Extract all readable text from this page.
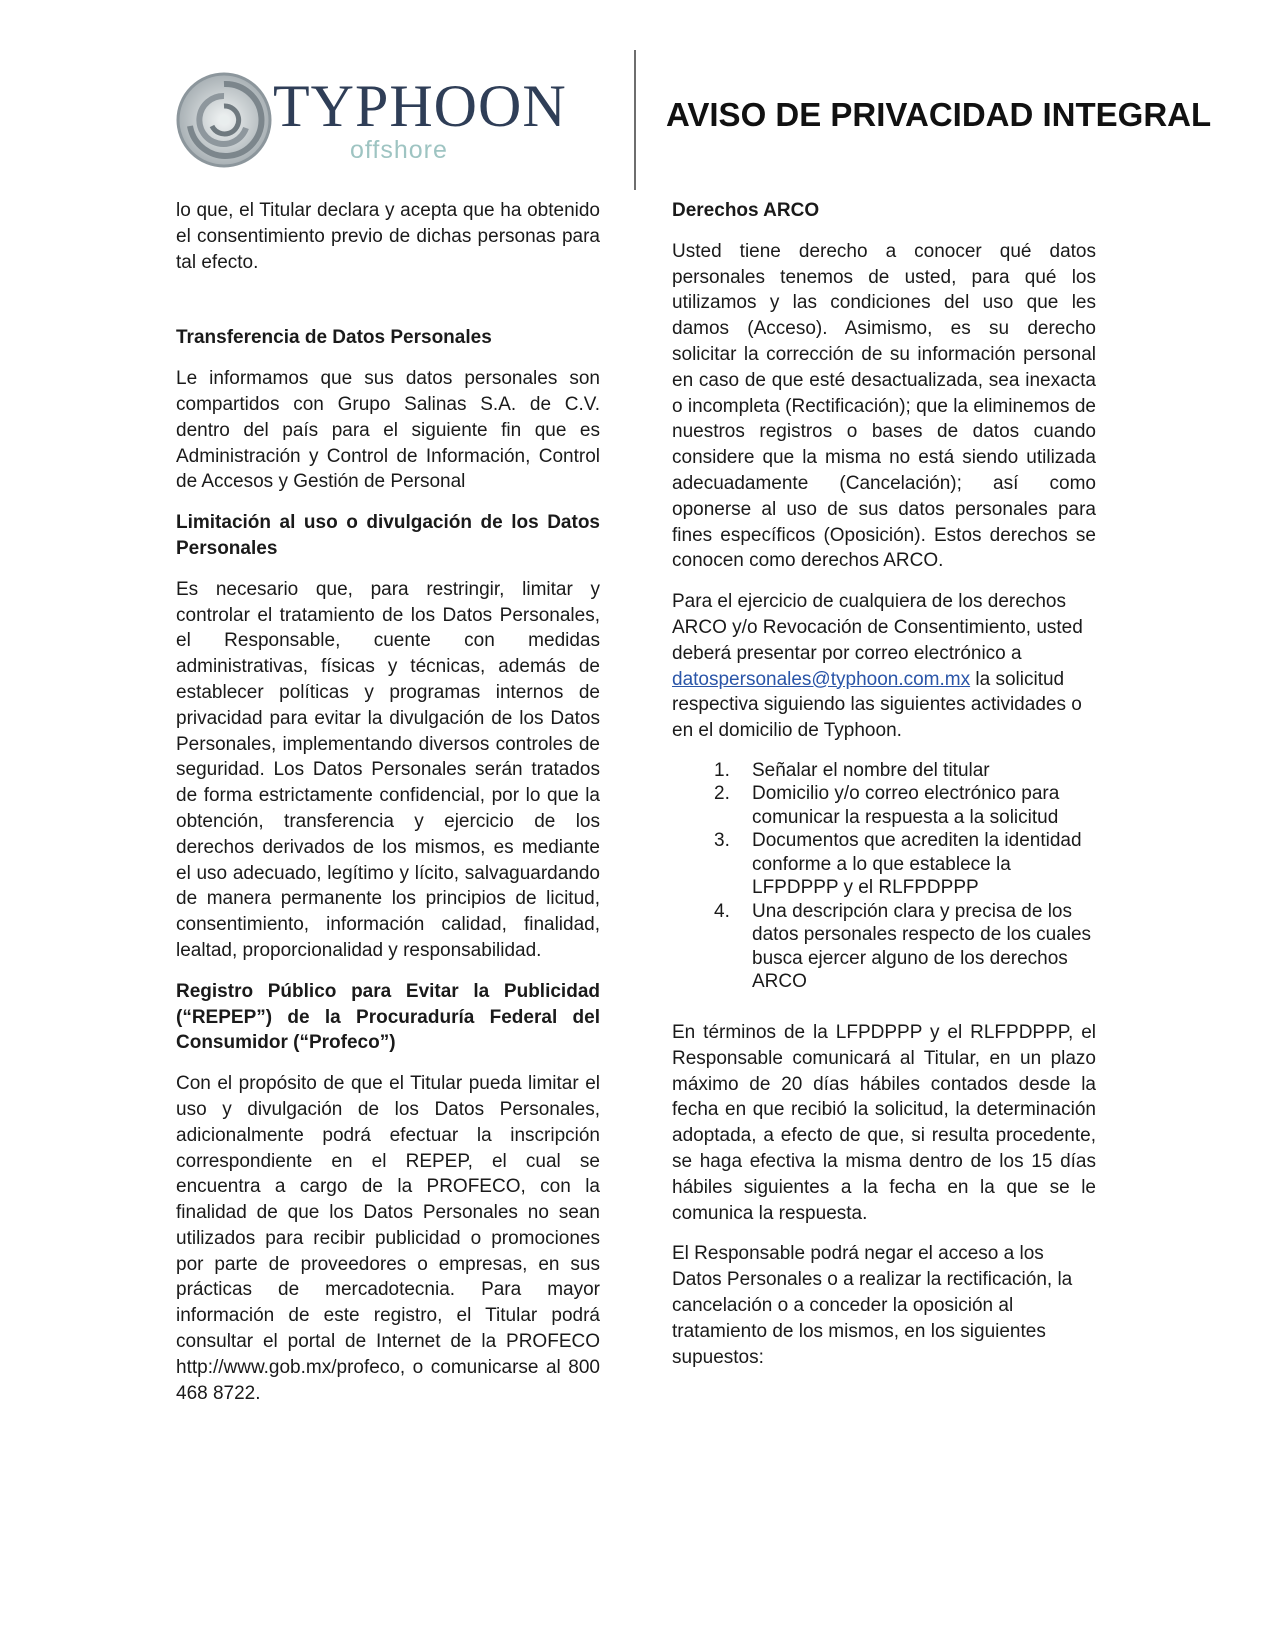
TYPHOON
offshore
AVISO DE PRIVACIDAD INTEGRAL

lo que, el Titular declara y acepta que ha obtenido el consentimiento previo de dichas personas para tal efecto.

Transferencia de Datos Personales

Le informamos que sus datos personales son compartidos con Grupo Salinas S.A. de C.V. dentro del país para el siguiente fin que es Administración y Control de Información, Control de Accesos y Gestión de Personal

Limitación al uso o divulgación de los Datos Personales

Es necesario que, para restringir, limitar y controlar el tratamiento de los Datos Personales, el Responsable, cuente con medidas administrativas, físicas y técnicas, además de establecer políticas y programas internos de privacidad para evitar la divulgación de los Datos Personales, implementando diversos controles de seguridad. Los Datos Personales serán tratados de forma estrictamente confidencial, por lo que la obtención, transferencia y ejercicio de los derechos derivados de los mismos, es mediante el uso adecuado, legítimo y lícito, salvaguardando de manera permanente los principios de licitud, consentimiento, información calidad, finalidad, lealtad, proporcionalidad y responsabilidad.

Registro Público para Evitar la Publicidad (“REPEP”) de la Procuraduría Federal del Consumidor (“Profeco”)

Con el propósito de que el Titular pueda limitar el uso y divulgación de los Datos Personales, adicionalmente podrá efectuar la inscripción correspondiente en el REPEP, el cual se encuentra a cargo de la PROFECO, con la finalidad de que los Datos Personales no sean utilizados para recibir publicidad o promociones por parte de proveedores o empresas, en sus prácticas de mercadotecnia. Para mayor información de este registro, el Titular podrá consultar el portal de Internet de la PROFECO http://www.gob.mx/profeco, o comunicarse al 800 468 8722.

Derechos ARCO

Usted tiene derecho a conocer qué datos personales tenemos de usted, para qué los utilizamos y las condiciones del uso que les damos (Acceso). Asimismo, es su derecho solicitar la corrección de su información personal en caso de que esté desactualizada, sea inexacta o incompleta (Rectificación); que la eliminemos de nuestros registros o bases de datos cuando considere que la misma no está siendo utilizada adecuadamente (Cancelación); así como oponerse al uso de sus datos personales para fines específicos (Oposición). Estos derechos se conocen como derechos ARCO.

Para el ejercicio de cualquiera de los derechos ARCO y/o Revocación de Consentimiento, usted deberá presentar por correo electrónico a datospersonales@typhoon.com.mx la solicitud respectiva siguiendo las siguientes actividades o en el domicilio de Typhoon.

1. Señalar el nombre del titular
2. Domicilio y/o correo electrónico para comunicar la respuesta a la solicitud
3. Documentos que acrediten la identidad conforme a lo que establece la LFPDPPP y el RLFPDPPP
4. Una descripción clara y precisa de los datos personales respecto de los cuales busca ejercer alguno de los derechos ARCO

En términos de la LFPDPPP y el RLFPDPPP, el Responsable comunicará al Titular, en un plazo máximo de 20 días hábiles contados desde la fecha en que recibió la solicitud, la determinación adoptada, a efecto de que, si resulta procedente, se haga efectiva la misma dentro de los 15 días hábiles siguientes a la fecha en la que se le comunica la respuesta.

El Responsable podrá negar el acceso a los Datos Personales o a realizar la rectificación, la cancelación o a conceder la oposición al tratamiento de los mismos, en los siguientes supuestos:
